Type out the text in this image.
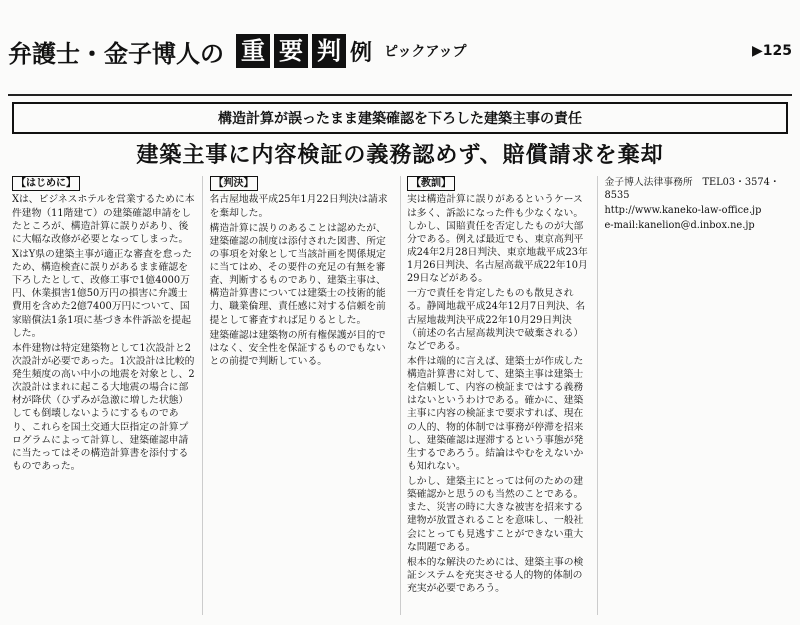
弁護士・金子博人の 重 要 判 例 ピックアップ	▶125
構造計算が誤ったまま建築確認を下ろした建築主事の責任
建築主事に内容検証の義務認めず、賠償請求を棄却
【はじめに】

Xは、ビジネスホテルを営業するために本件建物（11階建て）の建築確認申請をしたところが、構造計算に誤りがあり、後に大幅な改修が必要となってしまった。

XはY県の建築主事が適正な審査を怠ったため、構造検査に誤りがあるまま確認を下ろしたとして、改修工事で1億4000万円、休業損害1億50万円の損害に弁護士費用を含めた2億7400万円について、国家賠償法1条1項に基づき本件訴訟を提起した。

本件建物は特定建築物として1次設計と2次設計が必要であった。1次設計は比較的発生頻度の高い中小の地震を対象とし、2次設計はまれに起こる大地震の場合に部材が降伏（ひずみが急激に増した状態）しても倒壊しないようにするものであり、これらを国土交通大臣指定の計算プログラムによって計算し、建築確認申請に当たってはその構造計算書を添付するものであった。

【判決】

名古屋地裁平成25年1月22日判決は請求を棄却した。

構造計算に誤りのあることは認めたが、建築確認の制度は添付された図書、所定の事項を対象として当該計画を関係規定に当てはめ、その要件の充足の有無を審査、判断するものであり、建築主事は、構造計算書については建築士の技術的能力、職業倫理、責任感に対する信頼を前提として審査すれば足りるとした。

建築確認は建築物の所有権保護が目的ではなく、安全性を保証するものでもないとの前提で判断している。

【教訓】

実は構造計算に誤りがあるというケースは多く、訴訟になった件も少なくない。しかし、国賠責任を否定したものが大部分である。例えば最近でも、東京高判平成24年2月28日判決、東京地裁平成23年1月26日判決、名古屋高裁平成22年10月29日などがある。

一方で責任を肯定したものも散見される。静岡地裁平成24年12月7日判決、名古屋地裁判決平成22年10月29日判決（前述の名古屋高裁判決で破棄される）などである。

本件は端的に言えば、建築士が作成した構造計算書に対して、建築主事は建築士を信頼して、内容の検証まではする義務はないというわけである。確かに、建築主事に内容の検証まで要求すれば、現在の人的、物的体制では事務が停滞を招来し、建築確認は遅滞するという事態が発生するであろう。結論はやむをえないかも知れない。

しかし、建築主にとっては何のための建築確認かと思うのも当然のことである。また、災害の時に大きな被害を招来する建物が放置されることを意味し、一般社会にとっても見逃すことができない重大な問題である。

根本的な解決のためには、建築主事の検証システムを充実させる人的物的体制の充実が必要であろう。

金子博人法律事務所　TEL03・3574・8535

http://www.kaneko-law-office.jp

e-mail:kanelion@d.inbox.ne.jp
